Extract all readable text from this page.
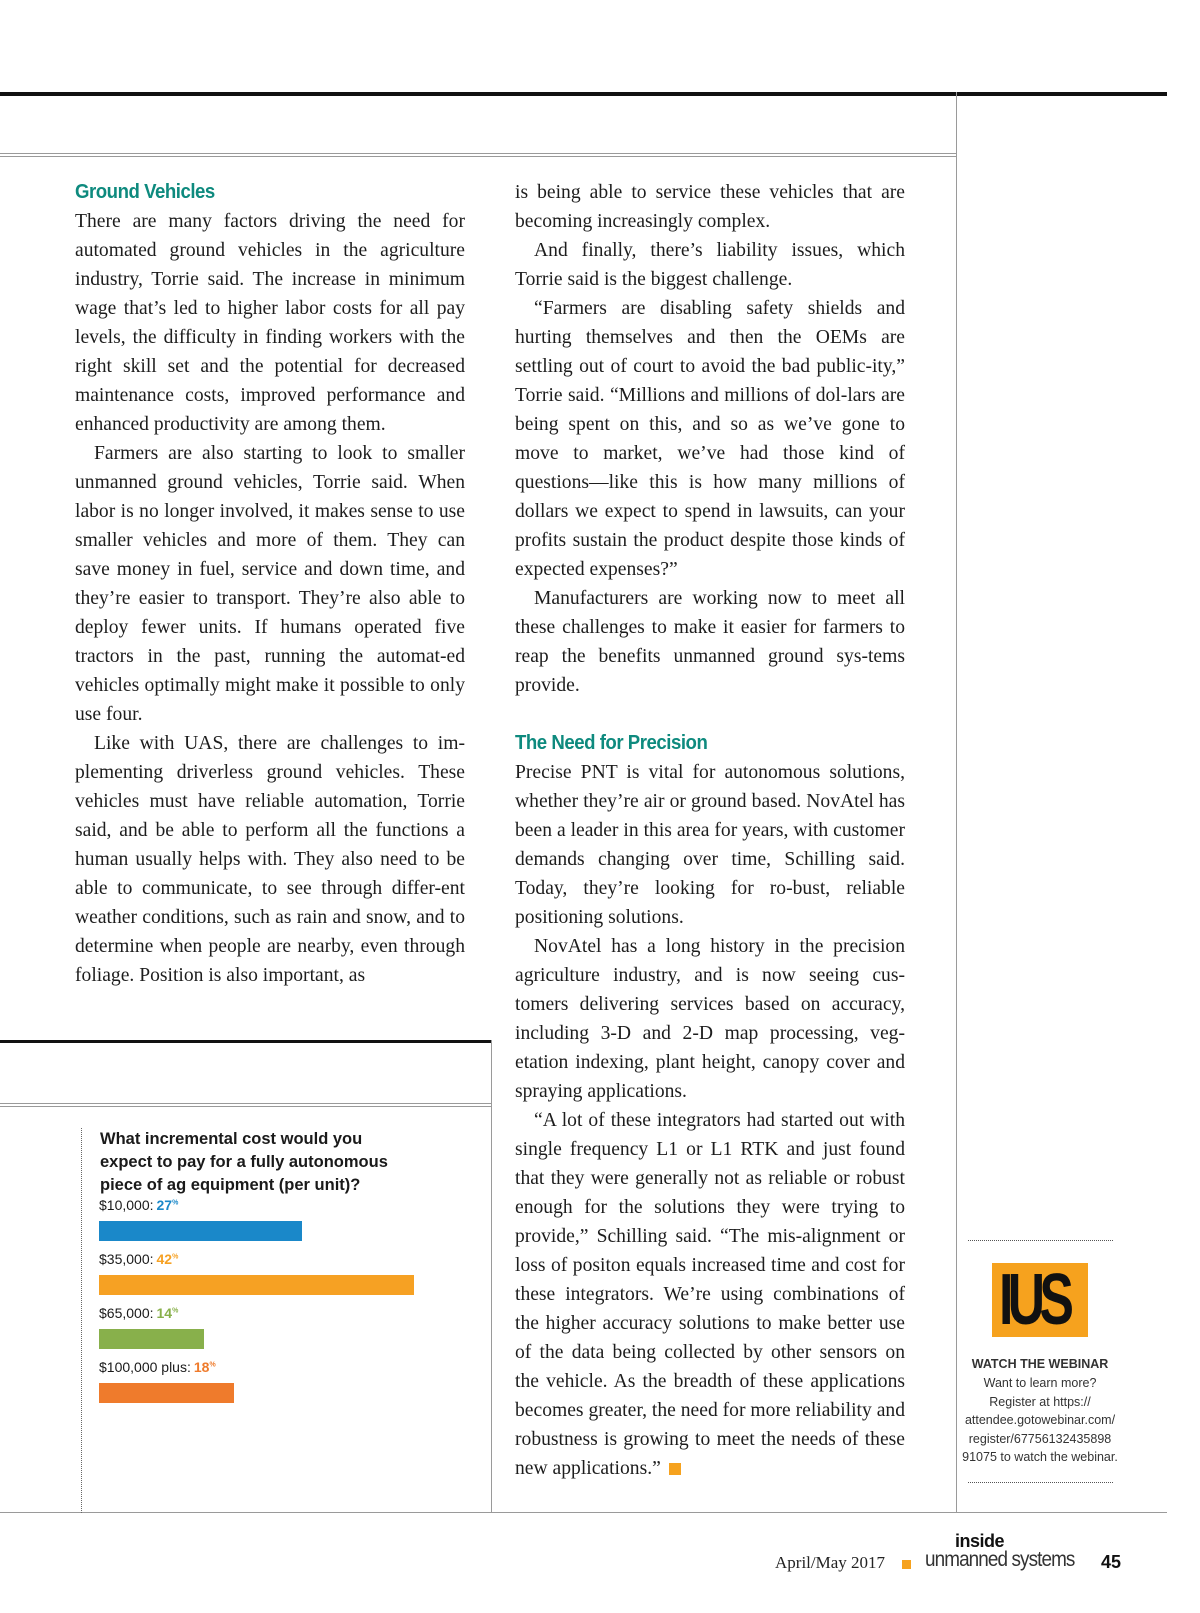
Ground Vehicles

There are many factors driving the need for automated ground vehicles in the agriculture industry, Torrie said. The increase in minimum wage that’s led to higher labor costs for all pay levels, the difficulty in finding workers with the right skill set and the potential for decreased maintenance costs, improved performance and enhanced productivity are among them.

Farmers are also starting to look to smaller unmanned ground vehicles, Torrie said. When labor is no longer involved, it makes sense to use smaller vehicles and more of them. They can save money in fuel, service and down time, and they’re easier to transport. They’re also able to deploy fewer units. If humans operated five tractors in the past, running the automat-ed vehicles optimally might make it possible to only use four.

Like with UAS, there are challenges to im-plementing driverless ground vehicles. These vehicles must have reliable automation, Torrie said, and be able to perform all the functions a human usually helps with. They also need to be able to communicate, to see through differ-ent weather conditions, such as rain and snow, and to determine when people are nearby, even through foliage. Position is also important, as

is being able to service these vehicles that are becoming increasingly complex.

And finally, there’s liability issues, which Torrie said is the biggest challenge.

“Farmers are disabling safety shields and hurting themselves and then the OEMs are settling out of court to avoid the bad public-ity,” Torrie said. “Millions and millions of dol-lars are being spent on this, and so as we’ve gone to move to market, we’ve had those kind of questions—like this is how many millions of dollars we expect to spend in lawsuits, can your profits sustain the product despite those kinds of expected expenses?”

Manufacturers are working now to meet all these challenges to make it easier for farmers to reap the benefits unmanned ground sys-tems provide.

The Need for Precision

Precise PNT is vital for autonomous solutions, whether they’re air or ground based. NovAtel has been a leader in this area for years, with customer demands changing over time, Schilling said. Today, they’re looking for ro-bust, reliable positioning solutions.

NovAtel has a long history in the precision agriculture industry, and is now seeing cus-tomers delivering services based on accuracy, including 3-D and 2-D map processing, veg-etation indexing, plant height, canopy cover and spraying applications.

“A lot of these integrators had started out with single frequency L1 or L1 RTK and just found that they were generally not as reliable or robust enough for the solutions they were trying to provide,” Schilling said. “The mis-alignment or loss of positon equals increased time and cost for these integrators. We’re using combinations of the higher accuracy solutions to make better use of the data being collected by other sensors on the vehicle. As the breadth of these applications becomes greater, the need for more reliability and robustness is growing to meet the needs of these new applications.”

What incremental cost would you expect to pay for a fully autonomous piece of ag equipment (per unit)?
$10,000: 27%
$35,000: 42%
$65,000: 14%
$100,000 plus: 18%
IUS
WATCH THE WEBINAR
Want to learn more?
Register at https://
attendee.gotowebinar.com/
register/67756132435898
91075 to watch the webinar.
April/May 2017
inside
unmanned systems 45
